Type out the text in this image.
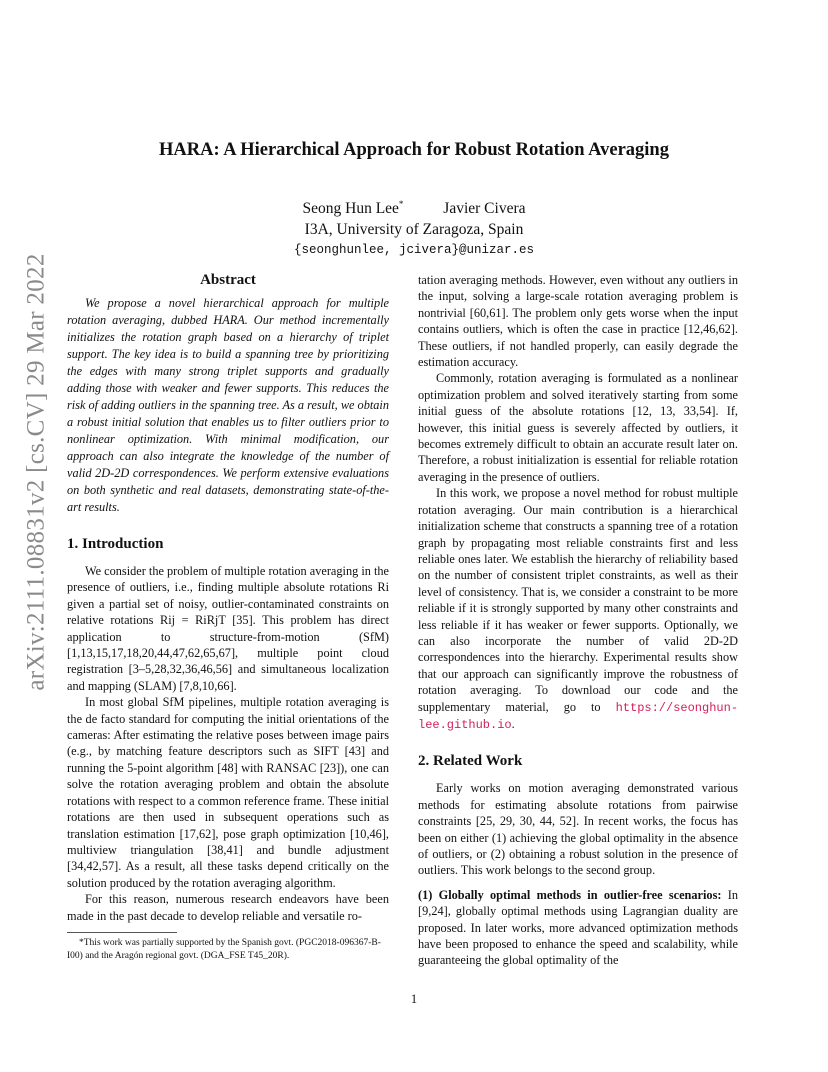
arXiv:2111.08831v2 [cs.CV] 29 Mar 2022
HARA: A Hierarchical Approach for Robust Rotation Averaging
Seong Hun Lee*	Javier Civera
I3A, University of Zaragoza, Spain
{seonghunlee, jcivera}@unizar.es
Abstract

We propose a novel hierarchical approach for multiple rotation averaging, dubbed HARA. Our method incrementally initializes the rotation graph based on a hierarchy of triplet support. The key idea is to build a spanning tree by prioritizing the edges with many strong triplet supports and gradually adding those with weaker and fewer supports. This reduces the risk of adding outliers in the spanning tree. As a result, we obtain a robust initial solution that enables us to filter outliers prior to nonlinear optimization. With minimal modification, our approach can also integrate the knowledge of the number of valid 2D-2D correspondences. We perform extensive evaluations on both synthetic and real datasets, demonstrating state-of-the-art results.

1. Introduction

We consider the problem of multiple rotation averaging in the presence of outliers, i.e., finding multiple absolute rotations Ri given a partial set of noisy, outlier-contaminated constraints on relative rotations Rij = RiRjT [35]. This problem has direct application to structure-from-motion (SfM) [1,13,15,17,18,20,44,47,62,65,67], multiple point cloud registration [3–5,28,32,36,46,56] and simultaneous localization and mapping (SLAM) [7,8,10,66].

In most global SfM pipelines, multiple rotation averaging is the de facto standard for computing the initial orientations of the cameras: After estimating the relative poses between image pairs (e.g., by matching feature descriptors such as SIFT [43] and running the 5-point algorithm [48] with RANSAC [23]), one can solve the rotation averaging problem and obtain the absolute rotations with respect to a common reference frame. These initial rotations are then used in subsequent operations such as translation estimation [17,62], pose graph optimization [10,46], multiview triangulation [38,41] and bundle adjustment [34,42,57]. As a result, all these tasks depend critically on the solution produced by the rotation averaging algorithm.

For this reason, numerous research endeavors have been made in the past decade to develop reliable and versatile ro-

*This work was partially supported by the Spanish govt. (PGC2018-096367-B-I00) and the Aragón regional govt. (DGA_FSE T45_20R).

tation averaging methods. However, even without any outliers in the input, solving a large-scale rotation averaging problem is nontrivial [60,61]. The problem only gets worse when the input contains outliers, which is often the case in practice [12,46,62]. These outliers, if not handled properly, can easily degrade the estimation accuracy.

Commonly, rotation averaging is formulated as a nonlinear optimization problem and solved iteratively starting from some initial guess of the absolute rotations [12, 13, 33,54]. If, however, this initial guess is severely affected by outliers, it becomes extremely difficult to obtain an accurate result later on. Therefore, a robust initialization is essential for reliable rotation averaging in the presence of outliers.

In this work, we propose a novel method for robust multiple rotation averaging. Our main contribution is a hierarchical initialization scheme that constructs a spanning tree of a rotation graph by propagating most reliable constraints first and less reliable ones later. We establish the hierarchy of reliability based on the number of consistent triplet constraints, as well as their level of consistency. That is, we consider a constraint to be more reliable if it is strongly supported by many other constraints and less reliable if it has weaker or fewer supports. Optionally, we can also incorporate the number of valid 2D-2D correspondences into the hierarchy. Experimental results show that our approach can significantly improve the robustness of rotation averaging. To download our code and the supplementary material, go to https://seonghun-lee.github.io.

2. Related Work

Early works on motion averaging demonstrated various methods for estimating absolute rotations from pairwise constraints [25, 29, 30, 44, 52]. In recent works, the focus has been on either (1) achieving the global optimality in the absence of outliers, or (2) obtaining a robust solution in the presence of outliers. This work belongs to the second group.

(1) Globally optimal methods in outlier-free scenarios: In [9,24], globally optimal methods using Lagrangian duality are proposed. In later works, more advanced optimization methods have been proposed to enhance the speed and scalability, while guaranteeing the global optimality of the

1
